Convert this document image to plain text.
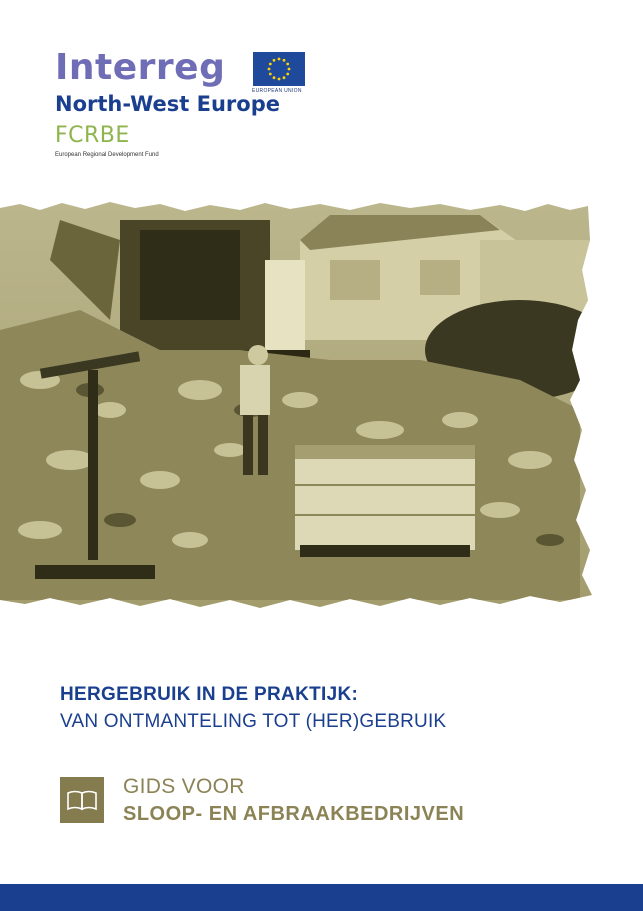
Interreg
EUROPEAN UNION
North-West Europe
FCRBE
European Regional Development Fund
HERGEBRUIK IN DE PRAKTIJK:
VAN ONTMANTELING TOT (HER)GEBRUIK
GIDS VOOR
SLOOP- EN AFBRAAKBEDRIJVEN
